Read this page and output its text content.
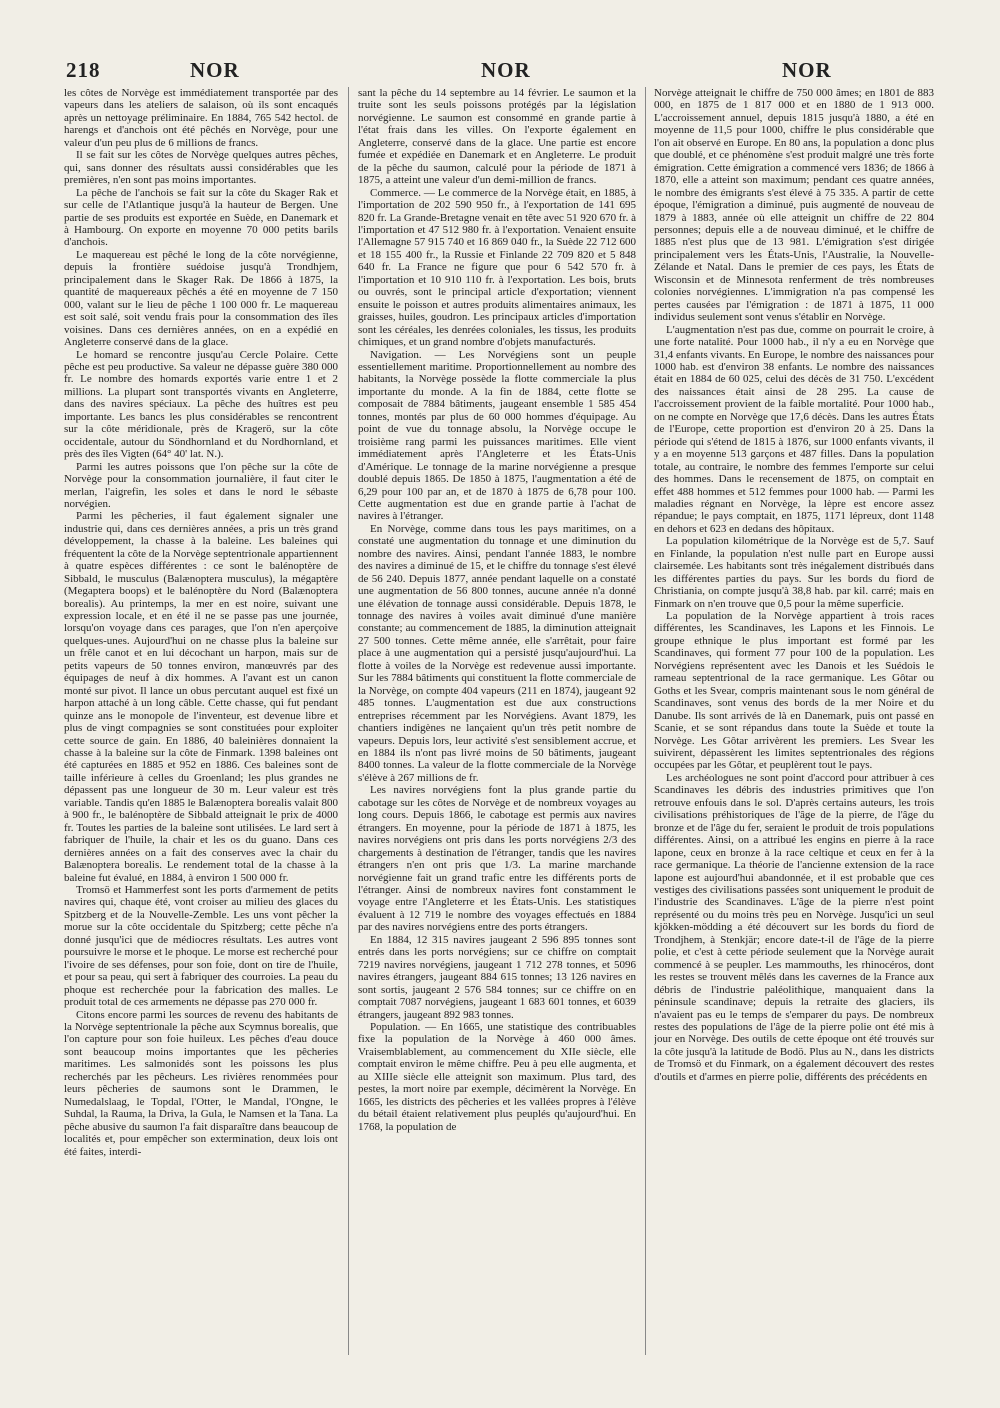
218	NOR	NOR	NOR

les côtes de Norvège est immédiatement transportée par des vapeurs dans les ateliers de salaison, où ils sont encaqués après un nettoyage préliminaire. En 1884, 765 542 hectol. de harengs et d'anchois ont été pêchés en Norvège, pour une valeur d'un peu plus de 6 millions de francs.

Il se fait sur les côtes de Norvège quelques autres pêches, qui, sans donner des résultats aussi considérables que les premières, n'en sont pas moins importantes.

La pêche de l'anchois se fait sur la côte du Skager Rak et sur celle de l'Atlantique jusqu'à la hauteur de Bergen. Une partie de ses produits est exportée en Suède, en Danemark et à Hambourg. On exporte en moyenne 70 000 petits barils d'anchois.

Le maquereau est pêché le long de la côte norvégienne, depuis la frontière suédoise jusqu'à Trondhjem, principalement dans le Skager Rak. De 1866 à 1875, la quantité de maquereaux pêchés a été en moyenne de 7 150 000, valant sur le lieu de pêche 1 100 000 fr. Le maquereau est soit salé, soit vendu frais pour la consommation des îles voisines. Dans ces dernières années, on en a expédié en Angleterre conservé dans de la glace.

Le homard se rencontre jusqu'au Cercle Polaire. Cette pêche est peu productive. Sa valeur ne dépasse guère 380 000 fr. Le nombre des homards exportés varie entre 1 et 2 millions. La plupart sont transportés vivants en Angleterre, dans des navires spéciaux. La pêche des huîtres est peu importante. Les bancs les plus considérables se rencontrent sur la côte méridionale, près de Kragerö, sur la côte occidentale, autour du Söndhornland et du Nordhornland, et près des îles Vigten (64° 40' lat. N.).

Parmi les autres poissons que l'on pêche sur la côte de Norvège pour la consommation journalière, il faut citer le merlan, l'aigrefin, les soles et dans le nord le sébaste norvégien.

Parmi les pêcheries, il faut également signaler une industrie qui, dans ces dernières années, a pris un très grand développement, la chasse à la baleine. Les baleines qui fréquentent la côte de la Norvège septentrionale appartiennent à quatre espèces différentes : ce sont le balénoptère de Sibbald, le musculus (Balænoptera musculus), la mégaptère (Megaptera boops) et le balénoptère du Nord (Balænoptera borealis). Au printemps, la mer en est noire, suivant une expression locale, et en été il ne se passe pas une journée, lorsqu'on voyage dans ces parages, que l'on n'en aperçoive quelques-unes. Aujourd'hui on ne chasse plus la baleine sur un frêle canot et en lui décochant un harpon, mais sur de petits vapeurs de 50 tonnes environ, manœuvrés par des équipages de neuf à dix hommes. A l'avant est un canon monté sur pivot. Il lance un obus percutant auquel est fixé un harpon attaché à un long câble. Cette chasse, qui fut pendant quinze ans le monopole de l'inventeur, est devenue libre et plus de vingt compagnies se sont constituées pour exploiter cette source de gain. En 1886, 40 baleinières donnaient la chasse à la baleine sur la côte de Finmark. 1398 baleines ont été capturées en 1885 et 952 en 1886. Ces baleines sont de taille inférieure à celles du Groenland; les plus grandes ne dépassent pas une longueur de 30 m. Leur valeur est très variable. Tandis qu'en 1885 le Balænoptera borealis valait 800 à 900 fr., le balénoptère de Sibbald atteignait le prix de 4000 fr. Toutes les parties de la baleine sont utilisées. Le lard sert à fabriquer de l'huile, la chair et les os du guano. Dans ces dernières années on a fait des conserves avec la chair du Balænoptera borealis. Le rendement total de la chasse à la baleine fut évalué, en 1884, à environ 1 500 000 fr.

Tromsö et Hammerfest sont les ports d'armement de petits navires qui, chaque été, vont croiser au milieu des glaces du Spitzberg et de la Nouvelle-Zemble. Les uns vont pêcher la morue sur la côte occidentale du Spitzberg; cette pêche n'a donné jusqu'ici que de médiocres résultats. Les autres vont poursuivre le morse et le phoque. Le morse est recherché pour l'ivoire de ses défenses, pour son foie, dont on tire de l'huile, et pour sa peau, qui sert à fabriquer des courroies. La peau du phoque est recherchée pour la fabrication des malles. Le produit total de ces armements ne dépasse pas 270 000 fr.

Citons encore parmi les sources de revenu des habitants de la Norvège septentrionale la pêche aux Scymnus borealis, que l'on capture pour son foie huileux. Les pêches d'eau douce sont beaucoup moins importantes que les pêcheries maritimes. Les salmonidés sont les poissons les plus recherchés par les pêcheurs. Les rivières renommées pour leurs pêcheries de saumons sont le Drammen, le Numedalslaag, le Topdal, l'Otter, le Mandal, l'Ongne, le Suhdal, la Rauma, la Driva, la Gula, le Namsen et la Tana. La pêche abusive du saumon l'a fait disparaître dans beaucoup de localités et, pour empêcher son extermination, deux lois ont été faites, interdi-

sant la pêche du 14 septembre au 14 février. Le saumon et la truite sont les seuls poissons protégés par la législation norvégienne. Le saumon est consommé en grande partie à l'état frais dans les villes. On l'exporte également en Angleterre, conservé dans de la glace. Une partie est encore fumée et expédiée en Danemark et en Angleterre. Le produit de la pêche du saumon, calculé pour la période de 1871 à 1875, a atteint une valeur d'un demi-million de francs.

Commerce. — Le commerce de la Norvège était, en 1885, à l'importation de 202 590 950 fr., à l'exportation de 141 695 820 fr. La Grande-Bretagne venait en tête avec 51 920 670 fr. à l'importation et 47 512 980 fr. à l'exportation. Venaient ensuite l'Allemagne 57 915 740 et 16 869 040 fr., la Suède 22 712 600 et 18 155 400 fr., la Russie et Finlande 22 709 820 et 5 848 640 fr. La France ne figure que pour 6 542 570 fr. à l'importation et 10 910 110 fr. à l'exportation. Les bois, bruts ou ouvrés, sont le principal article d'exportation; viennent ensuite le poisson et autres produits alimentaires animaux, les graisses, huiles, goudron. Les principaux articles d'importation sont les céréales, les denrées coloniales, les tissus, les produits chimiques, et un grand nombre d'objets manufacturés.

Navigation. — Les Norvégiens sont un peuple essentiellement maritime. Proportionnellement au nombre des habitants, la Norvège possède la flotte commerciale la plus importante du monde. A la fin de 1884, cette flotte se composait de 7884 bâtiments, jaugeant ensemble 1 585 454 tonnes, montés par plus de 60 000 hommes d'équipage. Au point de vue du tonnage absolu, la Norvège occupe le troisième rang parmi les puissances maritimes. Elle vient immédiatement après l'Angleterre et les États-Unis d'Amérique. Le tonnage de la marine norvégienne a presque doublé depuis 1865. De 1850 à 1875, l'augmentation a été de 6,29 pour 100 par an, et de 1870 à 1875 de 6,78 pour 100. Cette augmentation est due en grande partie à l'achat de navires à l'étranger.

En Norvège, comme dans tous les pays maritimes, on a constaté une augmentation du tonnage et une diminution du nombre des navires. Ainsi, pendant l'année 1883, le nombre des navires a diminué de 15, et le chiffre du tonnage s'est élevé de 56 240. Depuis 1877, année pendant laquelle on a constaté une augmentation de 56 800 tonnes, aucune année n'a donné une élévation de tonnage aussi considérable. Depuis 1878, le tonnage des navires à voiles avait diminué d'une manière constante; au commencement de 1885, la diminution atteignait 27 500 tonnes. Cette même année, elle s'arrêtait, pour faire place à une augmentation qui a persisté jusqu'aujourd'hui. La flotte à voiles de la Norvège est redevenue aussi importante. Sur les 7884 bâtiments qui constituent la flotte commerciale de la Norvège, on compte 404 vapeurs (211 en 1874), jaugeant 92 485 tonnes. L'augmentation est due aux constructions entreprises récemment par les Norvégiens. Avant 1879, les chantiers indigènes ne lançaient qu'un très petit nombre de vapeurs. Depuis lors, leur activité s'est sensiblement accrue, et en 1884 ils n'ont pas livré moins de 50 bâtiments, jaugeant 8400 tonnes. La valeur de la flotte commerciale de la Norvège s'élève à 267 millions de fr.

Les navires norvégiens font la plus grande partie du cabotage sur les côtes de Norvège et de nombreux voyages au long cours. Depuis 1866, le cabotage est permis aux navires étrangers. En moyenne, pour la période de 1871 à 1875, les navires norvégiens ont pris dans les ports norvégiens 2/3 des chargements à destination de l'étranger, tandis que les navires étrangers n'en ont pris que 1/3. La marine marchande norvégienne fait un grand trafic entre les différents ports de l'étranger. Ainsi de nombreux navires font constamment le voyage entre l'Angleterre et les États-Unis. Les statistiques évaluent à 12 719 le nombre des voyages effectués en 1884 par des navires norvégiens entre des ports étrangers.

En 1884, 12 315 navires jaugeant 2 596 895 tonnes sont entrés dans les ports norvégiens; sur ce chiffre on comptait 7219 navires norvégiens, jaugeant 1 712 278 tonnes, et 5096 navires étrangers, jaugeant 884 615 tonnes; 13 126 navires en sont sortis, jaugeant 2 576 584 tonnes; sur ce chiffre on en comptait 7087 norvégiens, jaugeant 1 683 601 tonnes, et 6039 étrangers, jaugeant 892 983 tonnes.

Population. — En 1665, une statistique des contribuables fixe la population de la Norvège à 460 000 âmes. Vraisemblablement, au commencement du XIIe siècle, elle comptait environ le même chiffre. Peu à peu elle augmenta, et au XIIIe siècle elle atteignit son maximum. Plus tard, des pestes, la mort noire par exemple, décimèrent la Norvège. En 1665, les districts des pêcheries et les vallées propres à l'élève du bétail étaient relativement plus peuplés qu'aujourd'hui. En 1768, la population de

Norvège atteignait le chiffre de 750 000 âmes; en 1801 de 883 000, en 1875 de 1 817 000 et en 1880 de 1 913 000. L'accroissement annuel, depuis 1815 jusqu'à 1880, a été en moyenne de 11,5 pour 1000, chiffre le plus considérable que l'on ait observé en Europe. En 80 ans, la population a donc plus que doublé, et ce phénomène s'est produit malgré une très forte émigration. Cette émigration a commencé vers 1836; de 1866 à 1870, elle a atteint son maximum; pendant ces quatre années, le nombre des émigrants s'est élevé à 75 335. A partir de cette époque, l'émigration a diminué, puis augmenté de nouveau de 1879 à 1883, année où elle atteignit un chiffre de 22 804 personnes; depuis elle a de nouveau diminué, et le chiffre de 1885 n'est plus que de 13 981. L'émigration s'est dirigée principalement vers les États-Unis, l'Australie, la Nouvelle-Zélande et Natal. Dans le premier de ces pays, les États de Wisconsin et de Minnesota renferment de très nombreuses colonies norvégiennes. L'immigration n'a pas compensé les pertes causées par l'émigration : de 1871 à 1875, 11 000 individus seulement sont venus s'établir en Norvège.

L'augmentation n'est pas due, comme on pourrait le croire, à une forte natalité. Pour 1000 hab., il n'y a eu en Norvège que 31,4 enfants vivants. En Europe, le nombre des naissances pour 1000 hab. est d'environ 38 enfants. Le nombre des naissances était en 1884 de 60 025, celui des décès de 31 750. L'excédent des naissances était ainsi de 28 295. La cause de l'accroissement provient de la faible mortalité. Pour 1000 hab., on ne compte en Norvège que 17,6 décès. Dans les autres États de l'Europe, cette proportion est d'environ 20 à 25. Dans la période qui s'étend de 1815 à 1876, sur 1000 enfants vivants, il y a en moyenne 513 garçons et 487 filles. Dans la population totale, au contraire, le nombre des femmes l'emporte sur celui des hommes. Dans le recensement de 1875, on comptait en effet 488 hommes et 512 femmes pour 1000 hab. — Parmi les maladies régnant en Norvège, la lèpre est encore assez répandue; le pays comptait, en 1875, 1171 lépreux, dont 1148 en dehors et 623 en dedans des hôpitaux.

La population kilométrique de la Norvège est de 5,7. Sauf en Finlande, la population n'est nulle part en Europe aussi clairsemée. Les habitants sont très inégalement distribués dans les différentes parties du pays. Sur les bords du fiord de Christiania, on compte jusqu'à 38,8 hab. par kil. carré; mais en Finmark on n'en trouve que 0,5 pour la même superficie.

La population de la Norvège appartient à trois races différentes, les Scandinaves, les Lapons et les Finnois. Le groupe ethnique le plus important est formé par les Scandinaves, qui forment 77 pour 100 de la population. Les Norvégiens représentent avec les Danois et les Suédois le rameau septentrional de la race germanique. Les Gôtar ou Goths et les Svear, compris maintenant sous le nom général de Scandinaves, sont venus des bords de la mer Noire et du Danube. Ils sont arrivés de là en Danemark, puis ont passé en Scanie, et se sont répandus dans toute la Suède et toute la Norvège. Les Gôtar arrivèrent les premiers. Les Svear les suivirent, dépassèrent les limites septentrionales des régions occupées par les Gôtar, et peuplèrent tout le pays.

Les archéologues ne sont point d'accord pour attribuer à ces Scandinaves les débris des industries primitives que l'on retrouve enfouis dans le sol. D'après certains auteurs, les trois civilisations préhistoriques de l'âge de la pierre, de l'âge du bronze et de l'âge du fer, seraient le produit de trois populations différentes. Ainsi, on a attribué les engins en pierre à la race lapone, ceux en bronze à la race celtique et ceux en fer à la race germanique. La théorie de l'ancienne extension de la race lapone est aujourd'hui abandonnée, et il est probable que ces vestiges des civilisations passées sont uniquement le produit de l'industrie des Scandinaves. L'âge de la pierre n'est point représenté ou du moins très peu en Norvège. Jusqu'ici un seul kjökken-mödding a été découvert sur les bords du fiord de Trondjhem, à Stenkjär; encore date-t-il de l'âge de la pierre polie, et c'est à cette période seulement que la Norvège aurait commencé à se peupler. Les mammouths, les rhinocéros, dont les restes se trouvent mêlés dans les cavernes de la France aux débris de l'industrie paléolithique, manquaient dans la péninsule scandinave; depuis la retraite des glaciers, ils n'avaient pas eu le temps de s'emparer du pays. De nombreux restes des populations de l'âge de la pierre polie ont été mis à jour en Norvège. Des outils de cette époque ont été trouvés sur la côte jusqu'à la latitude de Bodö. Plus au N., dans les districts de Tromsö et du Finmark, on a également découvert des restes d'outils et d'armes en pierre polie, différents des précédents en
